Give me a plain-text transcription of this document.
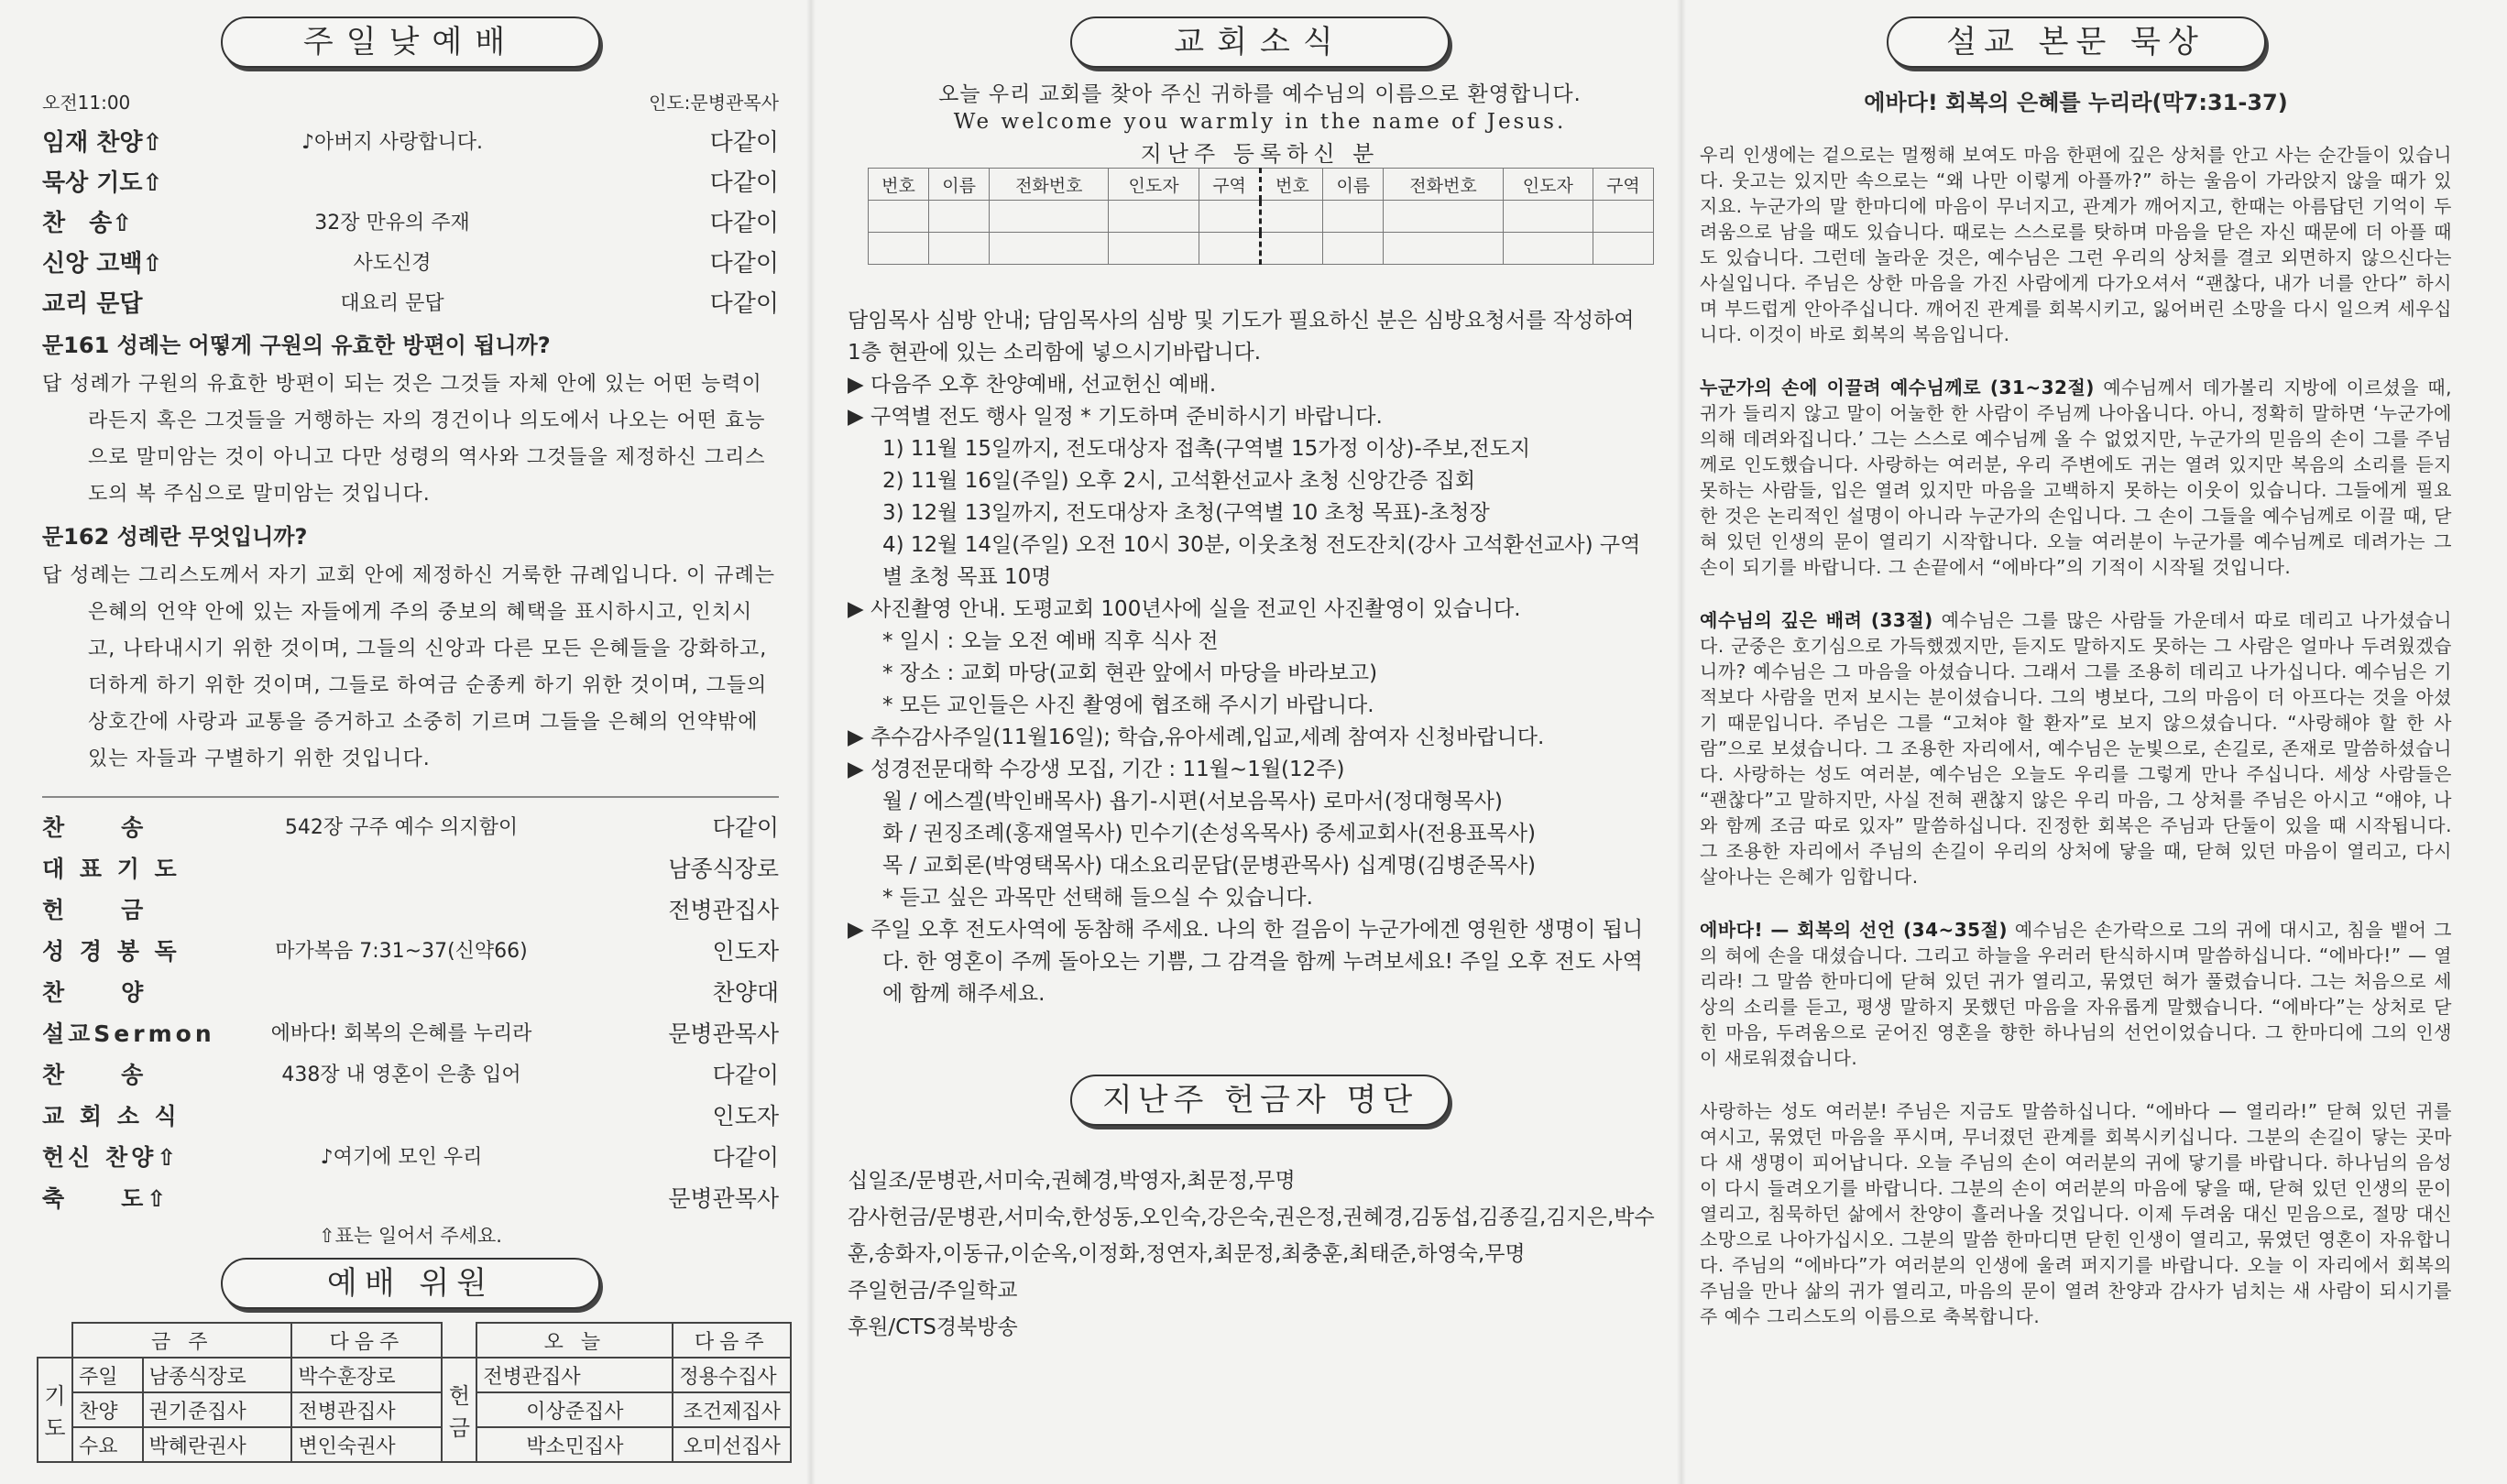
주일낮예배
오전11:00	인도:문병관목사
임재 찬양⇧	♪아버지 사랑합니다.	다같이
묵상 기도⇧	다같이
찬　송⇧	32장 만유의 주재	다같이
신앙 고백⇧	사도신경	다같이
교리 문답	대요리 문답	다같이
문161 성례는 어떻게 구원의 유효한 방편이 됩니까?
답 성례가 구원의 유효한 방편이 되는 것은 그것들 자체 안에 있는 어떤 능력이라든지 혹은 그것들을 거행하는 자의 경건이나 의도에서 나오는 어떤 효능으로 말미암는 것이 아니고 다만 성령의 역사와 그것들을 제정하신 그리스도의 복 주심으로 말미암는 것입니다.
문162 성례란 무엇입니까?
답 성례는 그리스도께서 자기 교회 안에 제정하신 거룩한 규례입니다. 이 규례는 은혜의 언약 안에 있는 자들에게 주의 중보의 혜택을 표시하시고, 인치시고, 나타내시기 위한 것이며, 그들의 신앙과 다른 모든 은혜들을 강화하고, 더하게 하기 위한 것이며, 그들로 하여금 순종케 하기 위한 것이며, 그들의 상호간에 사랑과 교통을 증거하고 소중히 기르며 그들을 은혜의 언약밖에 있는 자들과 구별하기 위한 것입니다.
찬　　송	542장 구주 예수 의지함이	다같이
대 표 기 도	남종식장로
헌　　금	전병관집사
성 경 봉 독	마가복음 7:31~37(신약66)	인도자
찬　　양	찬양대
설교Sermon	에바다! 회복의 은혜를 누리라	문병관목사
찬　　송	438장 내 영혼이 은총 입어	다같이
교 회 소 식	인도자
헌신 찬양⇧	♪여기에 모인 우리	다같이
축　　도⇧	문병관목사
⇧표는 일어서 주세요.
예배 위원
	금 주		다음주		오 늘	다음주
기도	주일	남종식장로	박수훈장로	헌금	전병관집사	정용수집사
	찬양	권기준집사	전병관집사		이상준집사	조건제집사
	수요	박혜란권사	변인숙권사		박소민집사	오미선집사
교회소식
오늘 우리 교회를 찾아 주신 귀하를 예수님의 이름으로 환영합니다.
We welcome you warmly in the name of Jesus.
지난주 등록하신 분
번호	이름	전화번호	인도자	구역	번호	이름	전화번호	인도자	구역

담임목사 심방 안내; 담임목사의 심방 및 기도가 필요하신 분은 심방요청서를 작성하여 1층 현관에 있는 소리함에 넣으시기바랍니다.
▶ 다음주 오후 찬양예배, 선교헌신 예배.
▶ 구역별 전도 행사 일정 * 기도하며 준비하시기 바랍니다.
1) 11월 15일까지, 전도대상자 접촉(구역별 15가정 이상)-주보,전도지
2) 11월 16일(주일) 오후 2시, 고석환선교사 초청 신앙간증 집회
3) 12월 13일까지, 전도대상자 초청(구역별 10 초청 목표)-초청장
4) 12월 14일(주일) 오전 10시 30분, 이웃초청 전도잔치(강사 고석환선교사) 구역별 초청 목표 10명
▶ 사진촬영 안내. 도평교회 100년사에 실을 전교인 사진촬영이 있습니다.
* 일시 : 오늘 오전 예배 직후 식사 전
* 장소 : 교회 마당(교회 현관 앞에서 마당을 바라보고)
* 모든 교인들은 사진 촬영에 협조해 주시기 바랍니다.
▶ 추수감사주일(11월16일); 학습,유아세례,입교,세례 참여자 신청바랍니다.
▶ 성경전문대학 수강생 모집, 기간 : 11월~1월(12주)
월 / 에스겔(박인배목사) 욥기-시편(서보음목사) 로마서(정대형목사)
화 / 권징조례(홍재열목사) 민수기(손성옥목사) 중세교회사(전용표목사)
목 / 교회론(박영택목사) 대소요리문답(문병관목사) 십계명(김병준목사)
* 듣고 싶은 과목만 선택해 들으실 수 있습니다.
▶ 주일 오후 전도사역에 동참해 주세요. 나의 한 걸음이 누군가에겐 영원한 생명이 됩니다. 한 영혼이 주께 돌아오는 기쁨, 그 감격을 함께 누려보세요! 주일 오후 전도 사역에 함께 해주세요.
지난주 헌금자 명단
십일조/문병관,서미숙,권혜경,박영자,최문정,무명
감사헌금/문병관,서미숙,한성동,오인숙,강은숙,권은정,권혜경,김동섭,김종길,김지은,박수훈,송화자,이동규,이순옥,이정화,정연자,최문정,최충훈,최태준,하영숙,무명
주일헌금/주일학교
후원/CTS경북방송
설교 본문 묵상
에바다! 회복의 은혜를 누리라(막7:31-37)

우리 인생에는 겉으로는 멀쩡해 보여도 마음 한편에 깊은 상처를 안고 사는 순간들이 있습니다. 웃고는 있지만 속으로는 “왜 나만 이렇게 아플까?” 하는 울음이 가라앉지 않을 때가 있지요. 누군가의 말 한마디에 마음이 무너지고, 관계가 깨어지고, 한때는 아름답던 기억이 두려움으로 남을 때도 있습니다. 때로는 스스로를 탓하며 마음을 닫은 자신 때문에 더 아플 때도 있습니다. 그런데 놀라운 것은, 예수님은 그런 우리의 상처를 결코 외면하지 않으신다는 사실입니다. 주님은 상한 마음을 가진 사람에게 다가오셔서 “괜찮다, 내가 너를 안다” 하시며 부드럽게 안아주십니다. 깨어진 관계를 회복시키고, 잃어버린 소망을 다시 일으켜 세우십니다. 이것이 바로 회복의 복음입니다.

누군가의 손에 이끌려 예수님께로 (31~32절) 예수님께서 데가볼리 지방에 이르셨을 때, 귀가 들리지 않고 말이 어눌한 한 사람이 주님께 나아옵니다. 아니, 정확히 말하면 ‘누군가에 의해 데려와집니다.’ 그는 스스로 예수님께 올 수 없었지만, 누군가의 믿음의 손이 그를 주님께로 인도했습니다. 사랑하는 여러분, 우리 주변에도 귀는 열려 있지만 복음의 소리를 듣지 못하는 사람들, 입은 열려 있지만 마음을 고백하지 못하는 이웃이 있습니다. 그들에게 필요한 것은 논리적인 설명이 아니라 누군가의 손입니다. 그 손이 그들을 예수님께로 이끌 때, 닫혀 있던 인생의 문이 열리기 시작합니다. 오늘 여러분이 누군가를 예수님께로 데려가는 그 손이 되기를 바랍니다. 그 손끝에서 “에바다”의 기적이 시작될 것입니다.

예수님의 깊은 배려 (33절) 예수님은 그를 많은 사람들 가운데서 따로 데리고 나가셨습니다. 군중은 호기심으로 가득했겠지만, 듣지도 말하지도 못하는 그 사람은 얼마나 두려웠겠습니까? 예수님은 그 마음을 아셨습니다. 그래서 그를 조용히 데리고 나가십니다. 예수님은 기적보다 사람을 먼저 보시는 분이셨습니다. 그의 병보다, 그의 마음이 더 아프다는 것을 아셨기 때문입니다. 주님은 그를 “고쳐야 할 환자”로 보지 않으셨습니다. “사랑해야 할 한 사람”으로 보셨습니다. 그 조용한 자리에서, 예수님은 눈빛으로, 손길로, 존재로 말씀하셨습니다. 사랑하는 성도 여러분, 예수님은 오늘도 우리를 그렇게 만나 주십니다. 세상 사람들은 “괜찮다”고 말하지만, 사실 전혀 괜찮지 않은 우리 마음, 그 상처를 주님은 아시고 “얘야, 나와 함께 조금 따로 있자” 말씀하십니다. 진정한 회복은 주님과 단둘이 있을 때 시작됩니다. 그 조용한 자리에서 주님의 손길이 우리의 상처에 닿을 때, 닫혀 있던 마음이 열리고, 다시 살아나는 은혜가 임합니다.

에바다! — 회복의 선언 (34~35절) 예수님은 손가락으로 그의 귀에 대시고, 침을 뱉어 그의 혀에 손을 대셨습니다. 그리고 하늘을 우러러 탄식하시며 말씀하십니다. “에바다!” — 열리라! 그 말씀 한마디에 닫혀 있던 귀가 열리고, 묶였던 혀가 풀렸습니다. 그는 처음으로 세상의 소리를 듣고, 평생 말하지 못했던 마음을 자유롭게 말했습니다. “에바다”는 상처로 닫힌 마음, 두려움으로 굳어진 영혼을 향한 하나님의 선언이었습니다. 그 한마디에 그의 인생이 새로워졌습니다.

사랑하는 성도 여러분! 주님은 지금도 말씀하십니다. “에바다 — 열리라!” 닫혀 있던 귀를 여시고, 묶였던 마음을 푸시며, 무너졌던 관계를 회복시키십니다. 그분의 손길이 닿는 곳마다 새 생명이 피어납니다. 오늘 주님의 손이 여러분의 귀에 닿기를 바랍니다. 하나님의 음성이 다시 들려오기를 바랍니다. 그분의 손이 여러분의 마음에 닿을 때, 닫혀 있던 인생의 문이 열리고, 침묵하던 삶에서 찬양이 흘러나올 것입니다. 이제 두려움 대신 믿음으로, 절망 대신 소망으로 나아가십시오. 그분의 말씀 한마디면 닫힌 인생이 열리고, 묶였던 영혼이 자유합니다. 주님의 “에바다”가 여러분의 인생에 울려 퍼지기를 바랍니다. 오늘 이 자리에서 회복의 주님을 만나 삶의 귀가 열리고, 마음의 문이 열려 찬양과 감사가 넘치는 새 사람이 되시기를 주 예수 그리스도의 이름으로 축복합니다.
